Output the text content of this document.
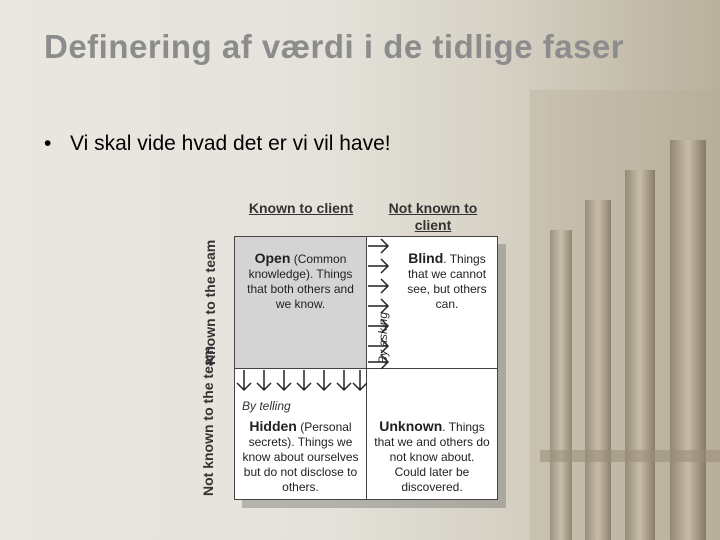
Definering af værdi i de tidlige faser
• Vi skal vide hvad det er vi vil have!
Known to client	Not known to client
Known to the team
Not known to the team
Open (Common knowledge). Things that both others and we know.
Blind. Things that we cannot see, but others can.
Hidden (Personal secrets). Things we know about ourselves but do not disclose to others.
Unknown. Things that we and others do not know about. Could later be discovered.
By asking
By telling
